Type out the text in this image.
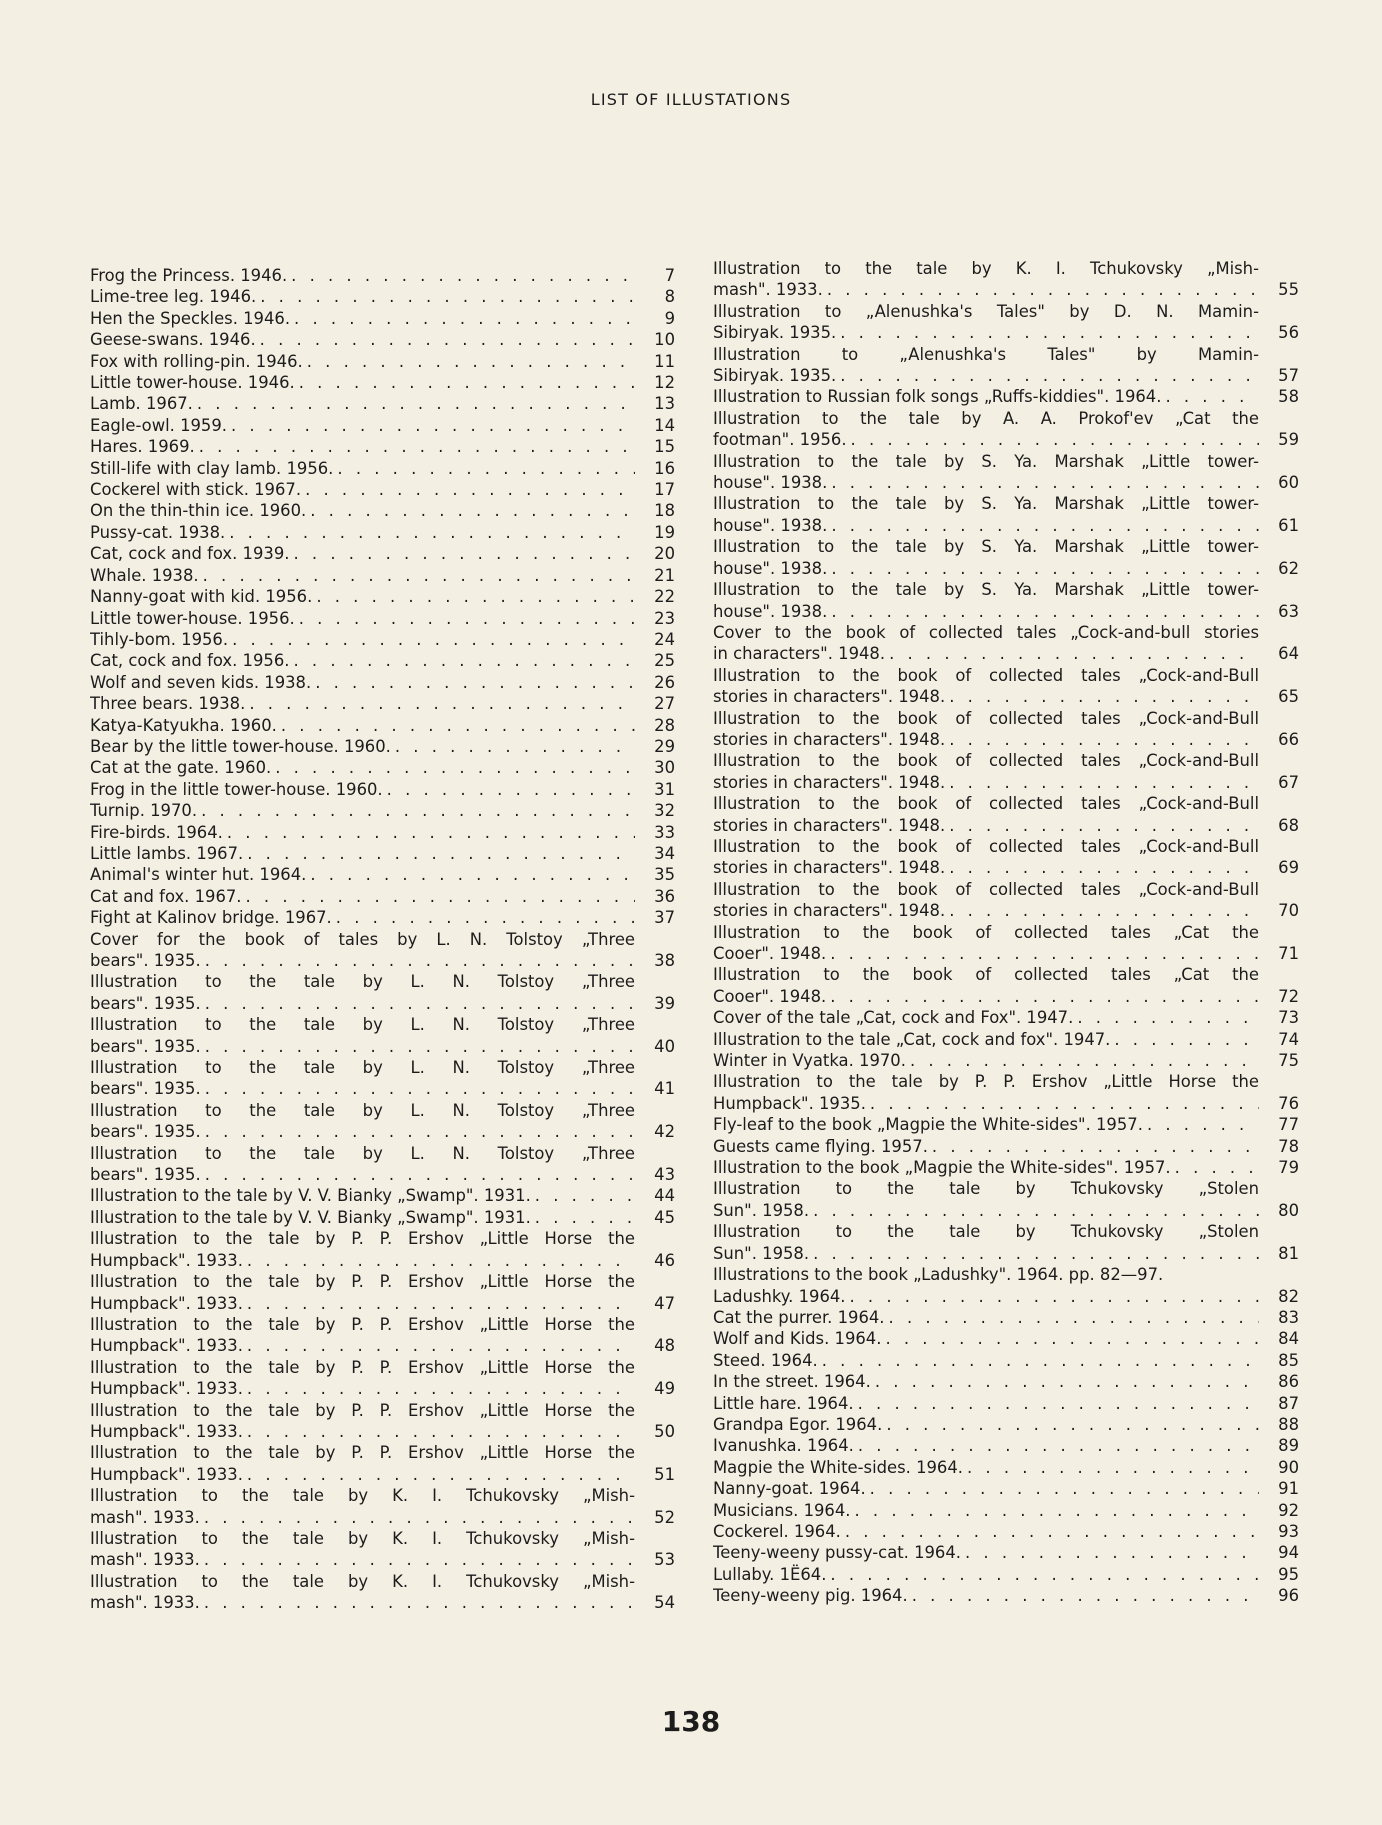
LIST OF ILLUSTATIONS
Frog the Princess. 1946. . . .	7
Lime-tree leg. 1946. . . .	8
Hen the Speckles. 1946. . . .	9
Geese-swans. 1946. . . .	10
Fox with rolling-pin. 1946. . . .	11
Little tower-house. 1946. . . .	12
Lamb. 1967. . . .	13
Eagle-owl. 1959. . . .	14
Hares. 1969. . . .	15
Still-life with clay lamb. 1956. . . .	16
Cockerel with stick. 1967. . . .	17
On the thin-thin ice. 1960. . . .	18
Pussy-cat. 1938. . . .	19
Cat, cock and fox. 1939. . . .	20
Whale. 1938. . . .	21
Nanny-goat with kid. 1956. . . .	22
Little tower-house. 1956. . . .	23
Tihly-bom. 1956. . . .	24
Cat, cock and fox. 1956. . . .	25
Wolf and seven kids. 1938. . . .	26
Three bears. 1938. . . .	27
Katya-Katyukha. 1960. . . .	28
Bear by the little tower-house. 1960. . . .	29
Cat at the gate. 1960. . . .	30
Frog in the little tower-house. 1960. . . .	31
Turnip. 1970. . . .	32
Fire-birds. 1964. . . .	33
Little lambs. 1967. . . .	34
Animal's winter hut. 1964. . . .	35
Cat and fox. 1967. . . .	36
Fight at Kalinov bridge. 1967. . . .	37
Cover for the book of tales by L. N. Tolstoy „Three
bears". 1935. . . .	38
Illustration to the tale by L. N. Tolstoy „Three
bears". 1935. . . .	39
Illustration to the tale by L. N. Tolstoy „Three
bears". 1935. . . .	40
Illustration to the tale by L. N. Tolstoy „Three
bears". 1935. . . .	41
Illustration to the tale by L. N. Tolstoy „Three
bears". 1935. . . .	42
Illustration to the tale by L. N. Tolstoy „Three
bears". 1935. . . .	43
Illustration to the tale by V. V. Bianky „Swamp". 1931. . . .	44
Illustration to the tale by V. V. Bianky „Swamp". 1931. . . .	45
Illustration to the tale by P. P. Ershov „Little Horse the
Humpback". 1933. . . .	46
Illustration to the tale by P. P. Ershov „Little Horse the
Humpback". 1933. . . .	47
Illustration to the tale by P. P. Ershov „Little Horse the
Humpback". 1933. . . .	48
Illustration to the tale by P. P. Ershov „Little Horse the
Humpback". 1933. . . .	49
Illustration to the tale by P. P. Ershov „Little Horse the
Humpback". 1933. . . .	50
Illustration to the tale by P. P. Ershov „Little Horse the
Humpback". 1933. . . .	51
Illustration to the tale by K. I. Tchukovsky „Mish-
mash". 1933. . . .	52
Illustration to the tale by K. I. Tchukovsky „Mish-
mash". 1933. . . .	53
Illustration to the tale by K. I. Tchukovsky „Mish-
mash". 1933. . . .	54
Illustration to the tale by K. I. Tchukovsky „Mish-
mash". 1933. . . .	55
Illustration to „Alenushka's Tales" by D. N. Mamin-
Sibiryak. 1935. . . .	56
Illustration to „Alenushka's Tales" by Mamin-
Sibiryak. 1935. . . .	57
Illustration to Russian folk songs „Ruffs-kiddies". 1964. . . .	58
Illustration to the tale by A. A. Prokof'ev „Cat the
footman". 1956. . . .	59
Illustration to the tale by S. Ya. Marshak „Little tower-
house". 1938. . . .	60
Illustration to the tale by S. Ya. Marshak „Little tower-
house". 1938. . . .	61
Illustration to the tale by S. Ya. Marshak „Little tower-
house". 1938. . . .	62
Illustration to the tale by S. Ya. Marshak „Little tower-
house". 1938. . . .	63
Cover to the book of collected tales „Cock-and-bull stories
in characters". 1948. . . .	64
Illustration to the book of collected tales „Cock-and-Bull
stories in characters". 1948. . . .	65
Illustration to the book of collected tales „Cock-and-Bull
stories in characters". 1948. . . .	66
Illustration to the book of collected tales „Cock-and-Bull
stories in characters". 1948. . . .	67
Illustration to the book of collected tales „Cock-and-Bull
stories in characters". 1948. . . .	68
Illustration to the book of collected tales „Cock-and-Bull
stories in characters". 1948. . . .	69
Illustration to the book of collected tales „Cock-and-Bull
stories in characters". 1948. . . .	70
Illustration to the book of collected tales „Cat the
Cooer". 1948. . . .	71
Illustration to the book of collected tales „Cat the
Cooer". 1948. . . .	72
Cover of the tale „Cat, cock and Fox". 1947. . . .	73
Illustration to the tale „Cat, cock and fox". 1947. . . .	74
Winter in Vyatka. 1970. . . .	75
Illustration to the tale by P. P. Ershov „Little Horse the
Humpback". 1935. . . .	76
Fly-leaf to the book „Magpie the White-sides". 1957. . . .	77
Guests came flying. 1957. . . .	78
Illustration to the book „Magpie the White-sides". 1957. . . .	79
Illustration to the tale by Tchukovsky „Stolen
Sun". 1958. . . .	80
Illustration to the tale by Tchukovsky „Stolen
Sun". 1958. . . .	81
Illustrations to the book „Ladushky". 1964. pp. 82—97.
Ladushky. 1964. . . .	82
Cat the purrer. 1964. . . .	83
Wolf and Kids. 1964. . . .	84
Steed. 1964. . . .	85
In the street. 1964. . . .	86
Little hare. 1964. . . .	87
Grandpa Egor. 1964. . . .	88
Ivanushka. 1964. . . .	89
Magpie the White-sides. 1964. . . .	90
Nanny-goat. 1964. . . .	91
Musicians. 1964. . . .	92
Cockerel. 1964. . . .	93
Teeny-weeny pussy-cat. 1964. . . .	94
Lullaby. 1Ё64. . . .	95
Teeny-weeny pig. 1964. . . .	96
138
